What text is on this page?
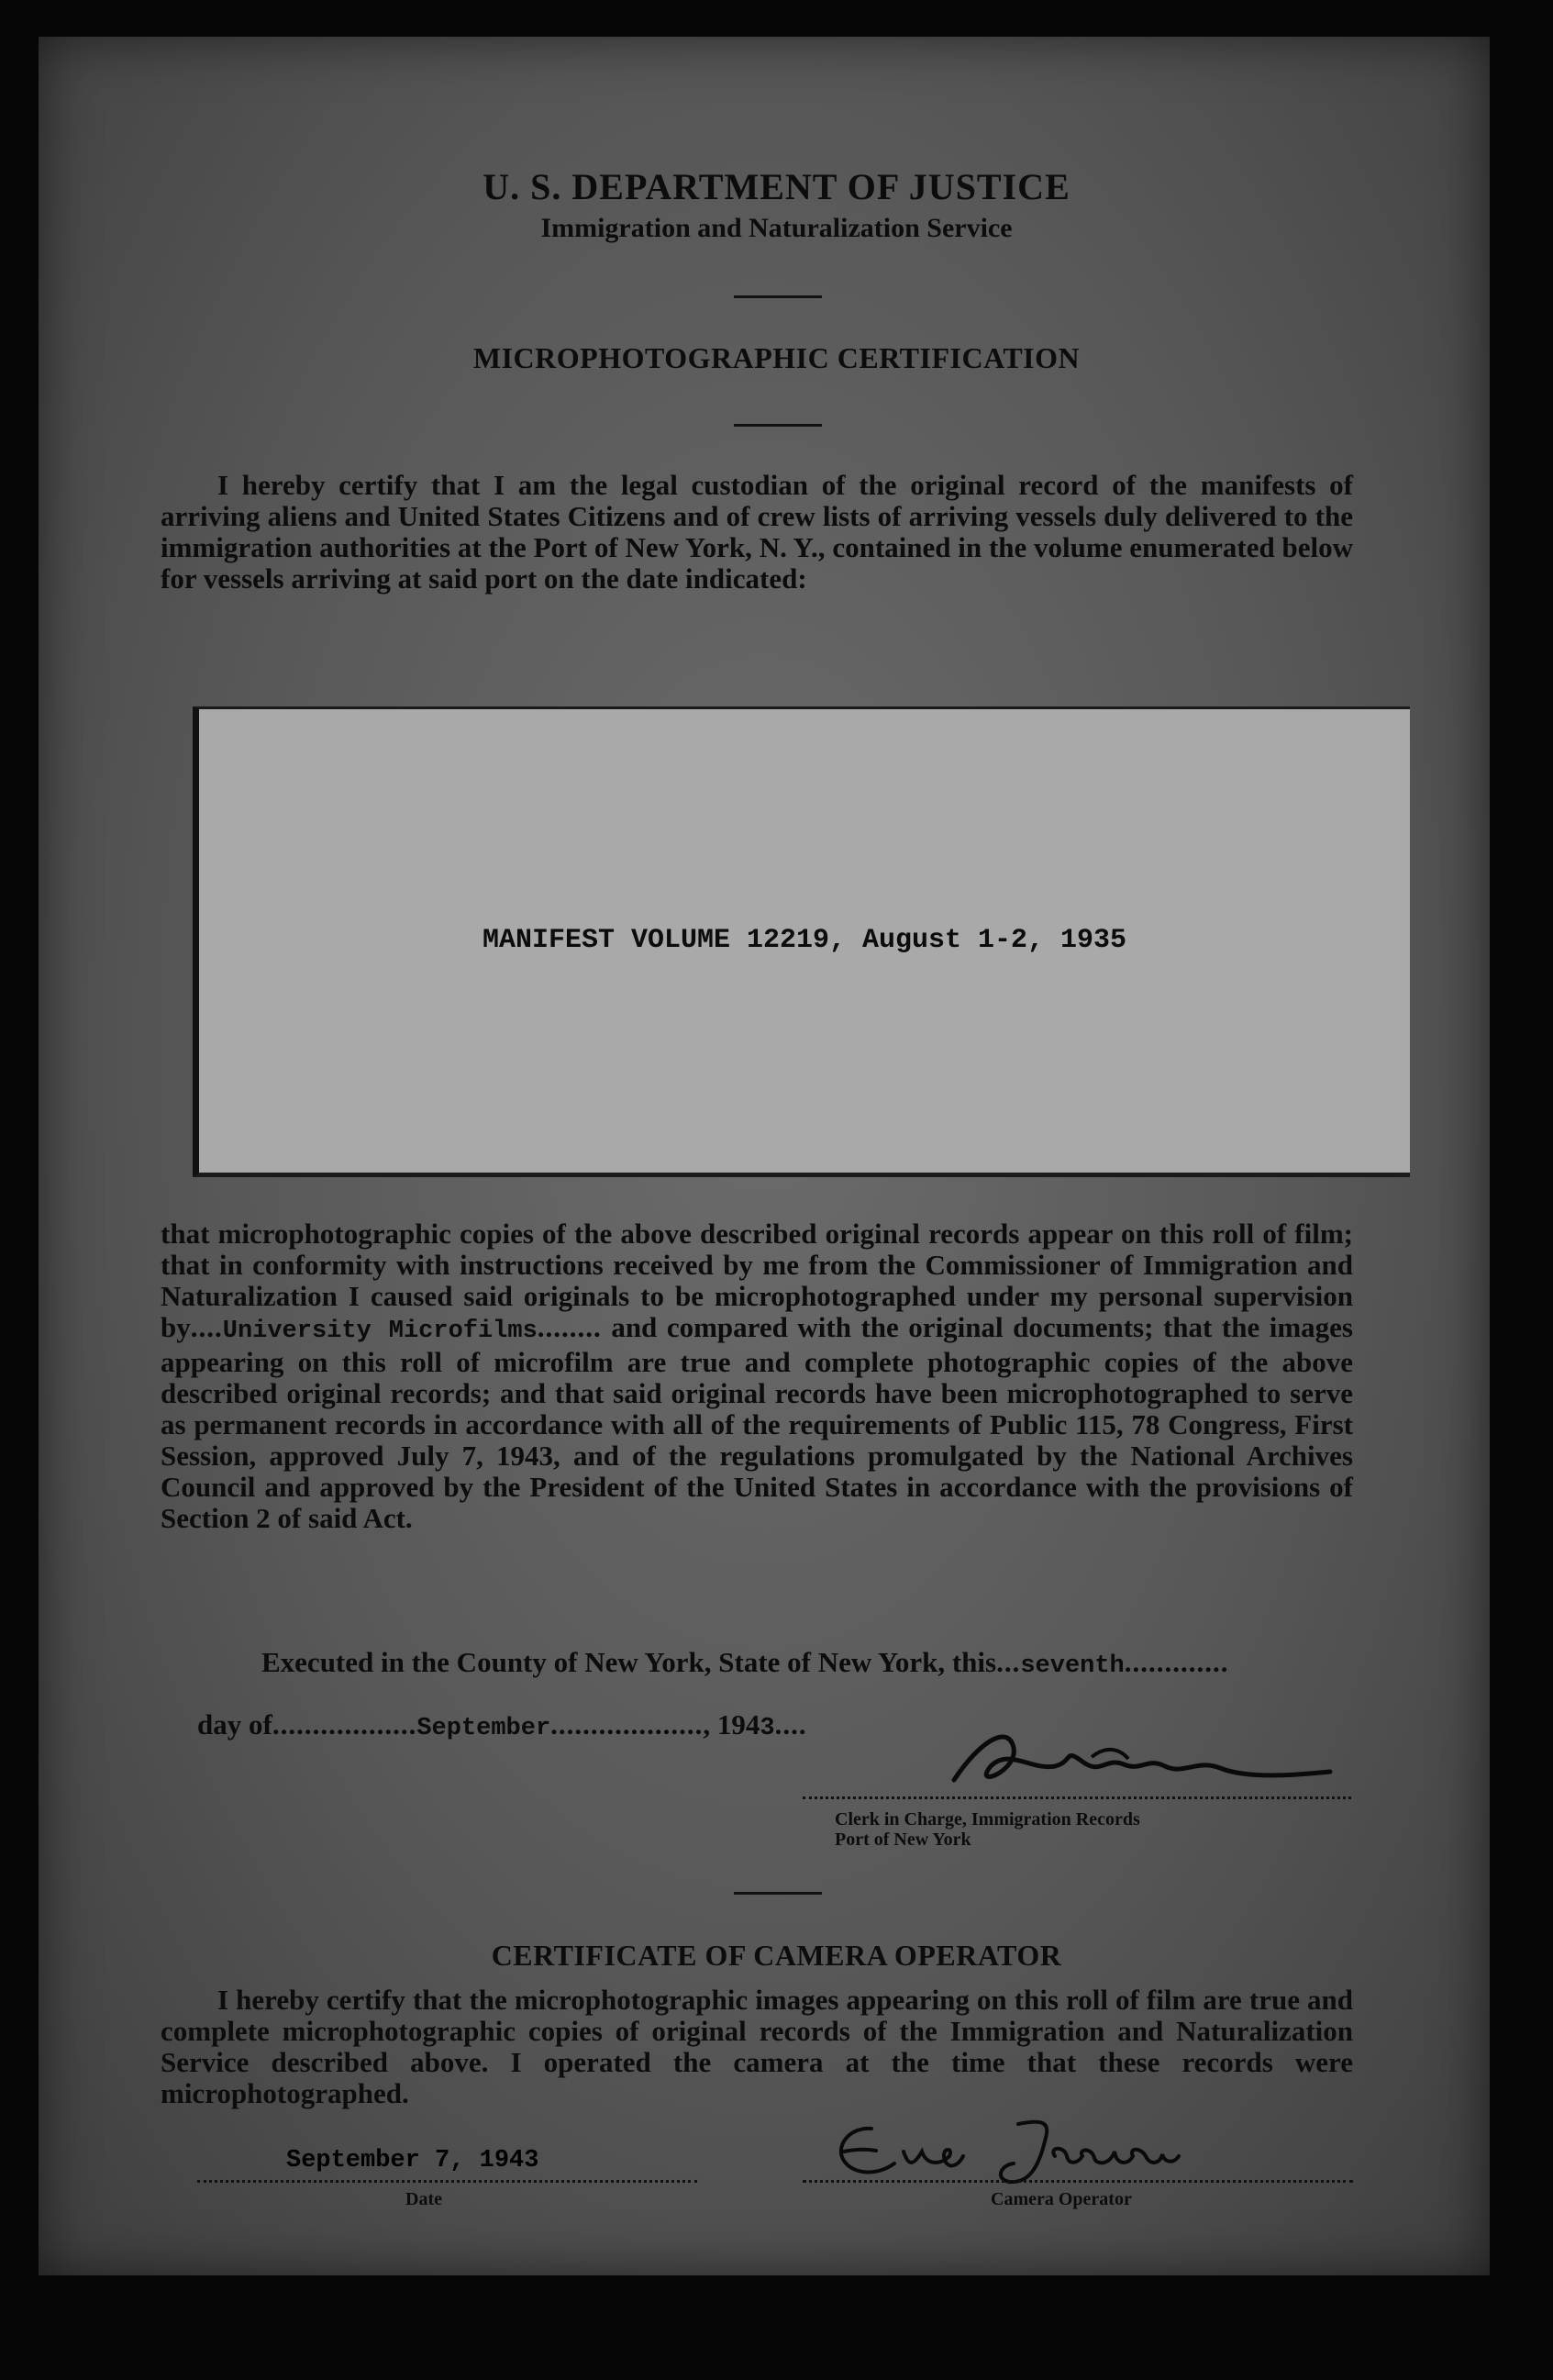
U. S. DEPARTMENT OF JUSTICE
Immigration and Naturalization Service
MICROPHOTOGRAPHIC CERTIFICATION
I hereby certify that I am the legal custodian of the original record of the manifests of arriving aliens and United States Citizens and of crew lists of arriving vessels duly delivered to the immigration authorities at the Port of New York, N. Y., contained in the volume enumerated below for vessels arriving at said port on the date indicated:
MANIFEST VOLUME 12219, August 1-2, 1935
that microphotographic copies of the above described original records appear on this roll of film; that in conformity with instructions received by me from the Commissioner of Immigration and Naturalization I caused said originals to be microphotographed under my personal supervision by....University Microfilms........ and compared with the original documents; that the images appearing on this roll of microfilm are true and complete photographic copies of the above described original records; and that said original records have been microphotographed to serve as permanent records in accordance with all of the requirements of Public 115, 78 Congress, First Session, approved July 7, 1943, and of the regulations promulgated by the National Archives Council and approved by the President of the United States in accordance with the provisions of Section 2 of said Act.
Executed in the County of New York, State of New York, this...seventh.............
day of..................September..................., 1943....
Clerk in Charge, Immigration Records
Port of New York
CERTIFICATE OF CAMERA OPERATOR
I hereby certify that the microphotographic images appearing on this roll of film are true and complete microphotographic copies of original records of the Immigration and Naturalization Service described above. I operated the camera at the time that these records were microphotographed.
September 7, 1943
Date	Camera Operator
